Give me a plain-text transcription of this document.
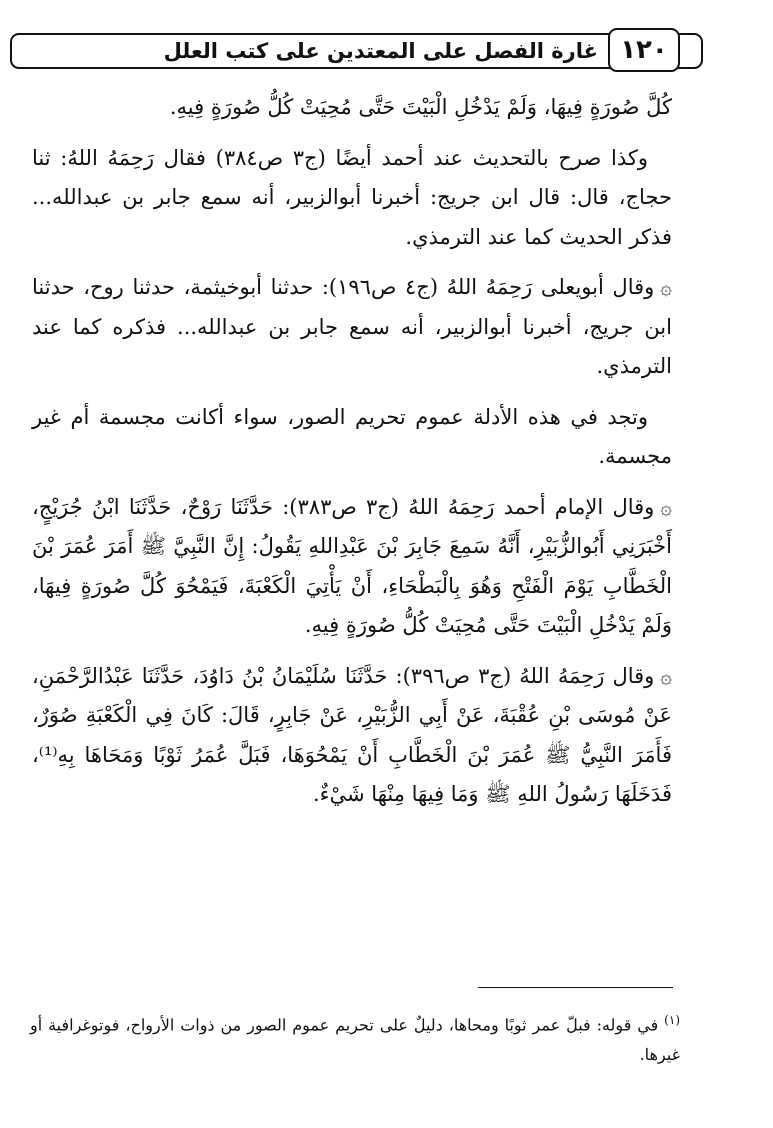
غارة الفصل على المعتدين على كتب العلل ١٢٠

كُلَّ صُورَةٍ فِيهَا، وَلَمْ يَدْخُلِ الْبَيْتَ حَتَّى مُحِيَتْ كُلُّ صُورَةٍ فِيهِ.

وكذا صرح بالتحديث عند أحمد أيضًا (ج٣ ص٣٨٤) فقال رَحِمَهُ اللهُ: ثنا حجاج، قال: قال ابن جريج: أخبرنا أبوالزبير، أنه سمع جابر بن عبدالله... فذكر الحديث كما عند الترمذي.

۞وقال أبويعلى رَحِمَهُ اللهُ (ج٤ ص١٩٦): حدثنا أبوخيثمة، حدثنا روح، حدثنا ابن جريج، أخبرنا أبوالزبير، أنه سمع جابر بن عبدالله... فذكره كما عند الترمذي.

وتجد في هذه الأدلة عموم تحريم الصور، سواء أكانت مجسمة أم غير مجسمة.

۞وقال الإمام أحمد رَحِمَهُ اللهُ (ج٣ ص٣٨٣): حَدَّثَنَا رَوْحٌ، حَدَّثَنَا ابْنُ جُرَيْجٍ، أَخْبَرَنِي أَبُوالزُّبَيْرِ، أَنَّهُ سَمِعَ جَابِرَ بْنَ عَبْدِاللهِ يَقُولُ: إِنَّ النَّبِيَّ ﷺ أَمَرَ عُمَرَ بْنَ الْخَطَّابِ يَوْمَ الْفَتْحِ وَهُوَ بِالْبَطْحَاءِ، أَنْ يَأْتِيَ الْكَعْبَةَ، فَيَمْحُوَ كُلَّ صُورَةٍ فِيهَا، وَلَمْ يَدْخُلِ الْبَيْتَ حَتَّى مُحِيَتْ كُلُّ صُورَةٍ فِيهِ.

۞وقال رَحِمَهُ اللهُ (ج٣ ص٣٩٦): حَدَّثَنَا سُلَيْمَانُ بْنُ دَاوُدَ، حَدَّثَنَا عَبْدُالرَّحْمَنِ، عَنْ مُوسَى بْنِ عُقْبَةَ، عَنْ أَبِي الزُّبَيْرِ، عَنْ جَابِرٍ، قَالَ: كَانَ فِي الْكَعْبَةِ صُوَرٌ، فَأَمَرَ النَّبِيُّ ﷺ عُمَرَ بْنَ الْخَطَّابِ أَنْ يَمْحُوَهَا، فَبَلَّ عُمَرُ ثَوْبًا وَمَحَاهَا بِهِ⁽¹⁾، فَدَخَلَهَا رَسُولُ اللهِ ﷺ وَمَا فِيهَا مِنْهَا شَيْءٌ.

$^{(١)}$ في قوله: فبلّ عمر ثوبًا ومحاها، دليلٌ على تحريم عموم الصور من ذوات الأرواح، فوتوغرافية أو غيرها.
